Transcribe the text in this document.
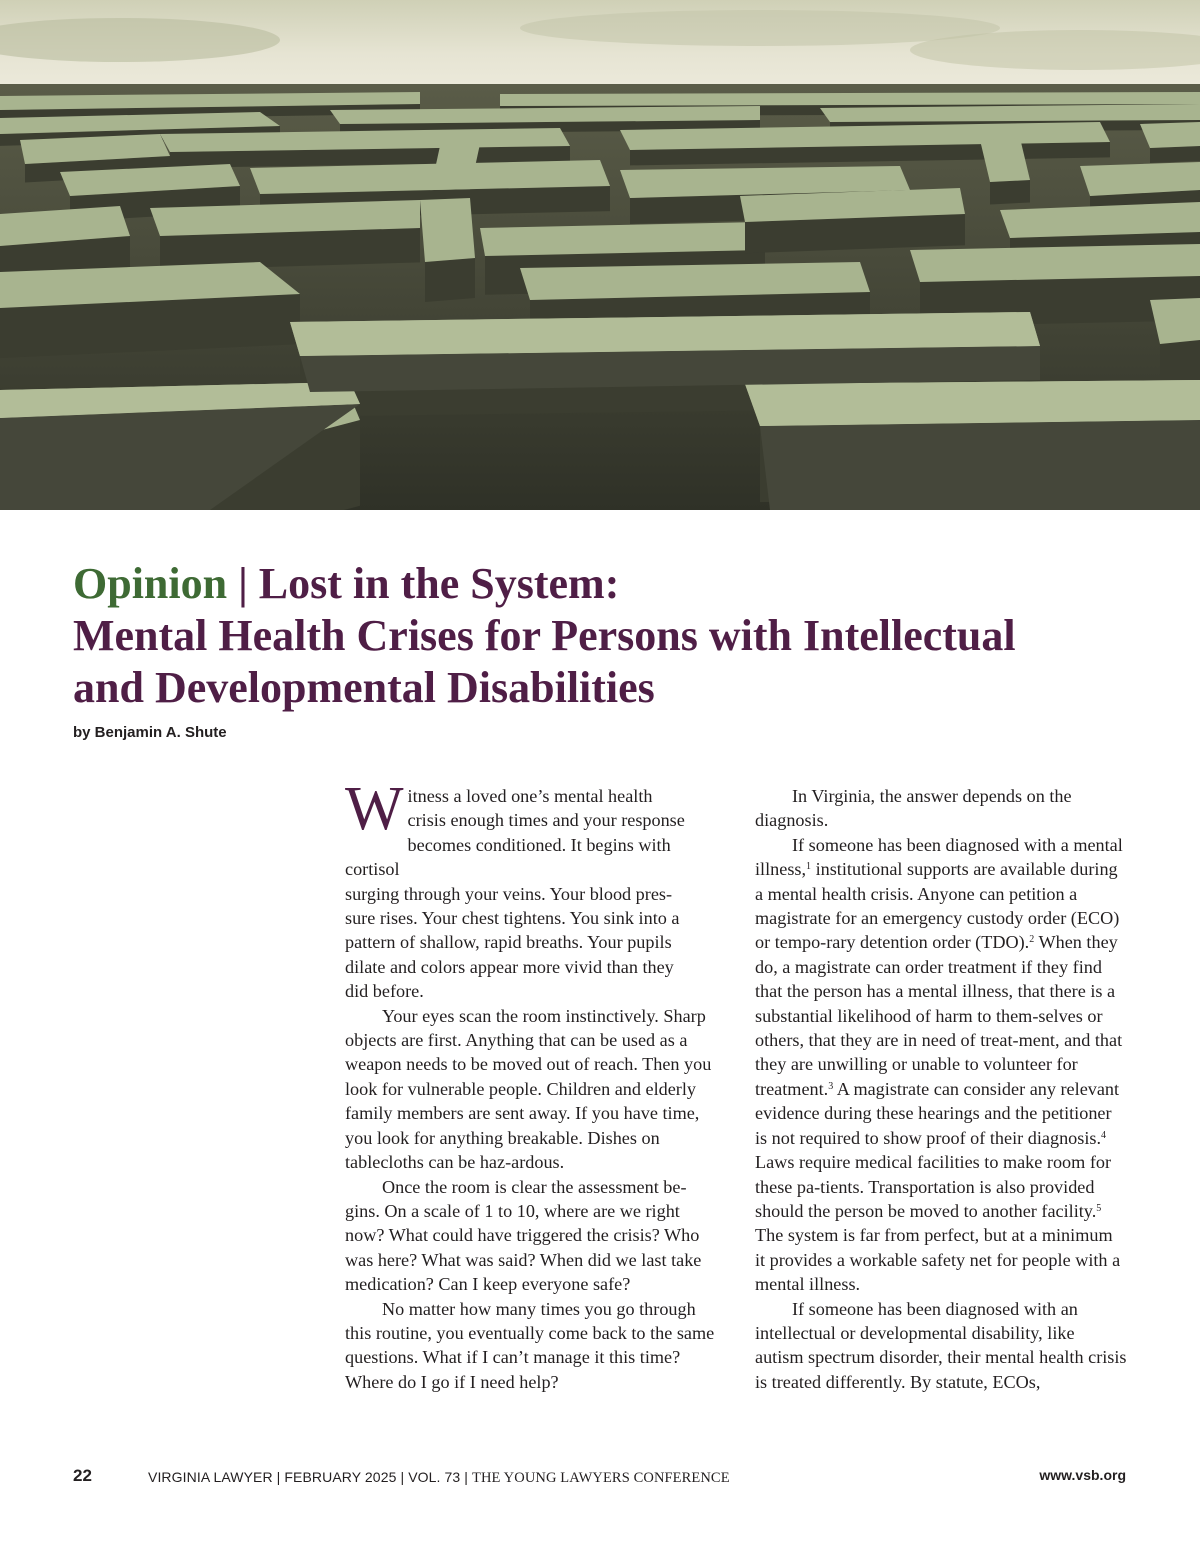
Opinion | Lost in the System:
Mental Health Crises for Persons with Intellectual
and Developmental Disabilities
by Benjamin A. Shute

Witness a loved one’s mental health
crisis enough times and your response
becomes conditioned. It begins with cortisol
surging through your veins. Your blood pres-
sure rises. Your chest tightens. You sink into a
pattern of shallow, rapid breaths. Your pupils
dilate and colors appear more vivid than they
did before.

Your eyes scan the room instinctively. Sharp objects are first. Anything that can be used as a weapon needs to be moved out of reach. Then you look for vulnerable people. Children and elderly family members are sent away. If you have time, you look for anything breakable. Dishes on tablecloths can be haz-ardous.

Once the room is clear the assessment be-gins. On a scale of 1 to 10, where are we right now? What could have triggered the crisis? Who was here? What was said? When did we last take medication? Can I keep everyone safe?

No matter how many times you go through this routine, you eventually come back to the same questions. What if I can’t manage it this time? Where do I go if I need help?

In Virginia, the answer depends on the diagnosis.

If someone has been diagnosed with a mental illness,$^1$ institutional supports are available during a mental health crisis. Anyone can petition a magistrate for an emergency custody order (ECO) or tempo-rary detention order (TDO).$^2$ When they do, a magistrate can order treatment if they find that the person has a mental illness, that there is a substantial likelihood of harm to them-selves or others, that they are in need of treat-ment, and that they are unwilling or unable to volunteer for treatment.$^3$ A magistrate can consider any relevant evidence during these hearings and the petitioner is not required to show proof of their diagnosis.$^4$ Laws require medical facilities to make room for these pa-tients. Transportation is also provided should the person be moved to another facility.$^5$ The system is far from perfect, but at a minimum it provides a workable safety net for people with a mental illness.

If someone has been diagnosed with an intellectual or developmental disability, like autism spectrum disorder, their mental health crisis is treated differently. By statute, ECOs,

22	VIRGINIA LAWYER | FEBRUARY 2025 | VOL. 73 | THE YOUNG LAWYERS CONFERENCE	www.vsb.org
